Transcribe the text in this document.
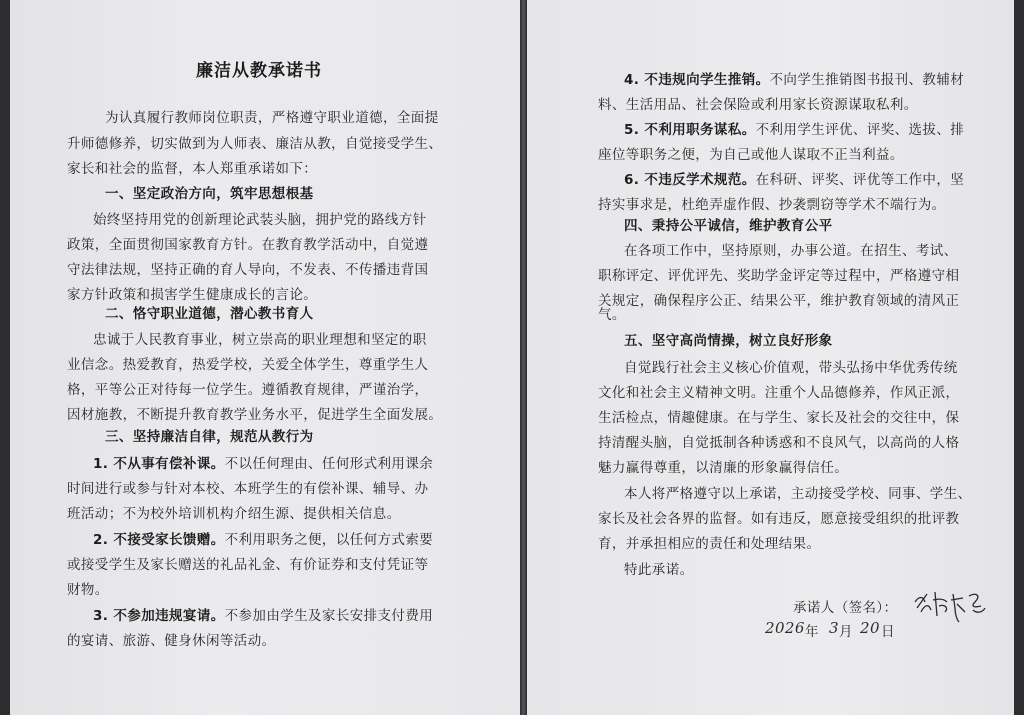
廉洁从教承诺书
为认真履行教师岗位职责，严格遵守职业道德，全面提
升师德修养，切实做到为人师表、廉洁从教，自觉接受学生、
家长和社会的监督，本人郑重承诺如下：
一、坚定政治方向，筑牢思想根基
始终坚持用党的创新理论武装头脑，拥护党的路线方针
政策，全面贯彻国家教育方针。在教育教学活动中，自觉遵
守法律法规，坚持正确的育人导向，不发表、不传播违背国
家方针政策和损害学生健康成长的言论。
二、恪守职业道德，潜心教书育人
忠诚于人民教育事业，树立崇高的职业理想和坚定的职
业信念。热爱教育，热爱学校，关爱全体学生，尊重学生人
格，平等公正对待每一位学生。遵循教育规律，严谨治学，
因材施教，不断提升教育教学业务水平，促进学生全面发展。
三、坚持廉洁自律，规范从教行为
1. 不从事有偿补课。不以任何理由、任何形式利用课余
时间进行或参与针对本校、本班学生的有偿补课、辅导、办
班活动；不为校外培训机构介绍生源、提供相关信息。
2. 不接受家长馈赠。不利用职务之便，以任何方式索要
或接受学生及家长赠送的礼品礼金、有价证券和支付凭证等
财物。
3. 不参加违规宴请。不参加由学生及家长安排支付费用
的宴请、旅游、健身休闲等活动。
4. 不违规向学生推销。不向学生推销图书报刊、教辅材
料、生活用品、社会保险或利用家长资源谋取私利。
5. 不利用职务谋私。不利用学生评优、评奖、选拔、排
座位等职务之便，为自己或他人谋取不正当利益。
6. 不违反学术规范。在科研、评奖、评优等工作中，坚
持实事求是，杜绝弄虚作假、抄袭剽窃等学术不端行为。
四、秉持公平诚信，维护教育公平
在各项工作中，坚持原则，办事公道。在招生、考试、
职称评定、评优评先、奖助学金评定等过程中，严格遵守相
关规定，确保程序公正、结果公平，维护教育领域的清风正
气。
五、坚守高尚情操，树立良好形象
自觉践行社会主义核心价值观，带头弘扬中华优秀传统
文化和社会主义精神文明。注重个人品德修养，作风正派，
生活检点，情趣健康。在与学生、家长及社会的交往中，保
持清醒头脑，自觉抵制各种诱惑和不良风气，以高尚的人格
魅力赢得尊重，以清廉的形象赢得信任。
本人将严格遵守以上承诺，主动接受学校、同事、学生、
家长及社会各界的监督。如有违反，愿意接受组织的批评教
育，并承担相应的责任和处理结果。
特此承诺。
承诺人（签名）：
2026 年 3 月 20 日
